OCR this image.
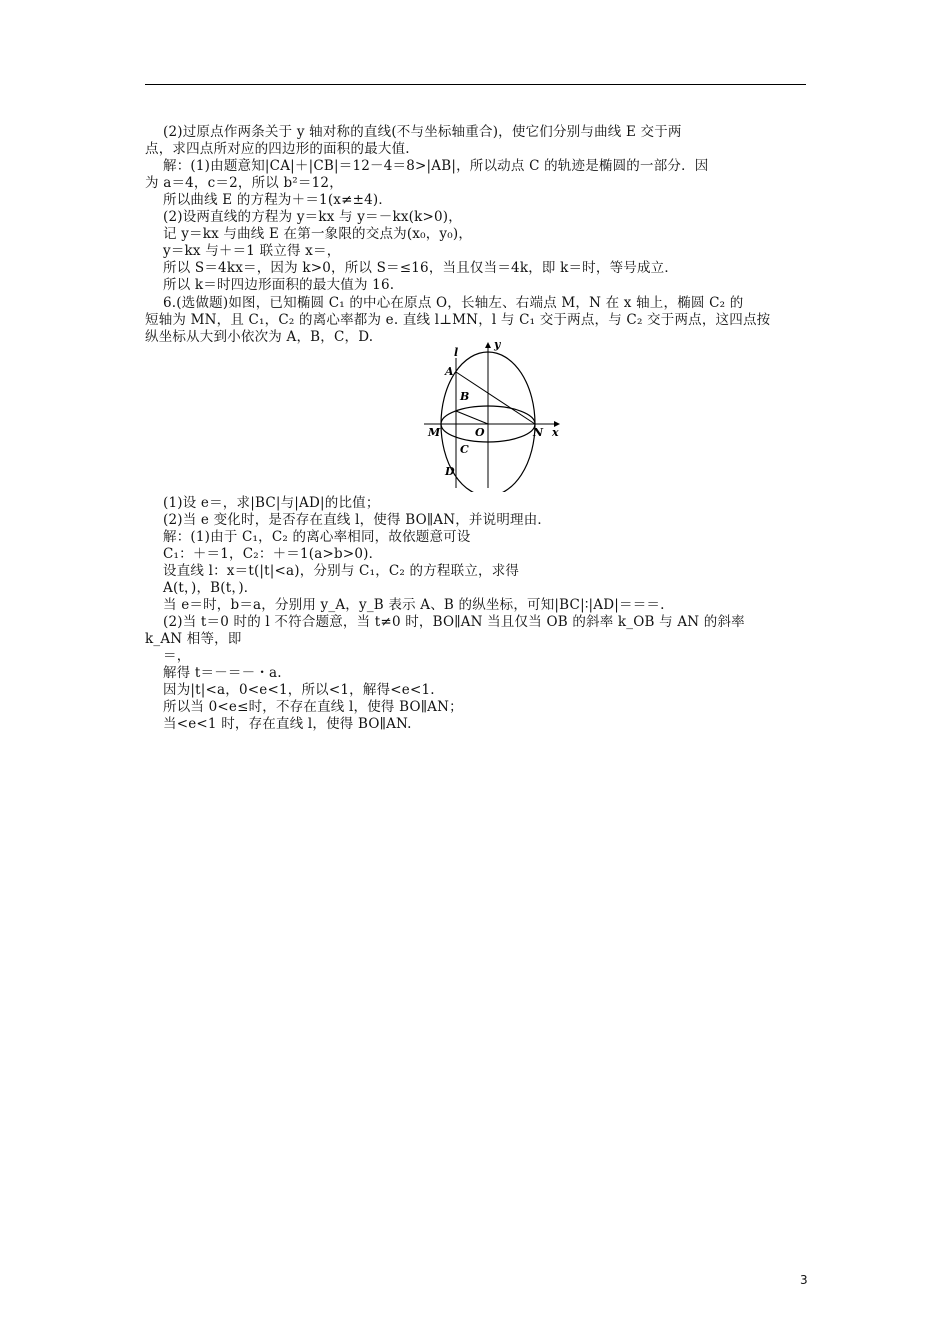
(2)过原点作两条关于 y 轴对称的直线(不与坐标轴重合)，使它们分别与曲线 E 交于两
点，求四点所对应的四边形的面积的最大值.
解：(1)由题意知|CA|＋|CB|＝12－4＝8>|AB|，所以动点 C 的轨迹是椭圆的一部分．因
为 a＝4，c＝2，所以 b²＝12，
所以曲线 E 的方程为＋＝1(x≠±4)．
(2)设两直线的方程为 y＝kx 与 y＝－kx(k>0)，
记 y＝kx 与曲线 E 在第一象限的交点为(x₀，y₀)，
y＝kx 与＋＝1 联立得 x＝，
所以 S＝4kx＝，因为 k>0，所以 S＝≤16，当且仅当＝4k，即 k＝时，等号成立．
所以 k＝时四边形面积的最大值为 16.
6.(选做题)如图，已知椭圆 C₁ 的中心在原点 O，长轴左、右端点 M，N 在 x 轴上，椭圆 C₂ 的
短轴为 MN，且 C₁，C₂ 的离心率都为 e. 直线 l⊥MN，l 与 C₁ 交于两点，与 C₂ 交于两点，这四点按
纵坐标从大到小依次为 A，B，C，D.	y
x
l
A
B
C
D
M	O	N
(1)设 e＝，求|BC|与|AD|的比值；
(2)当 e 变化时，是否存在直线 l，使得 BO∥AN，并说明理由．
解：(1)由于 C₁，C₂ 的离心率相同，故依题意可设
C₁：＋＝1，C₂：＋＝1(a>b>0)．
设直线 l：x＝t(|t|<a)，分别与 C₁，C₂ 的方程联立，求得
A(t，)，B(t，)．
当 e＝时，b＝a，分别用 y_A，y_B 表示 A、B 的纵坐标，可知|BC|∶|AD|＝＝＝.
(2)当 t＝0 时的 l 不符合题意，当 t≠0 时，BO∥AN 当且仅当 OB 的斜率 k_OB 与 AN 的斜率
k_AN 相等，即
＝，
解得 t＝－＝－・a.
因为|t|<a，0<e<1，所以<1，解得<e<1.
所以当 0<e≤时，不存在直线 l，使得 BO∥AN；
当<e<1 时，存在直线 l，使得 BO∥AN.
3
